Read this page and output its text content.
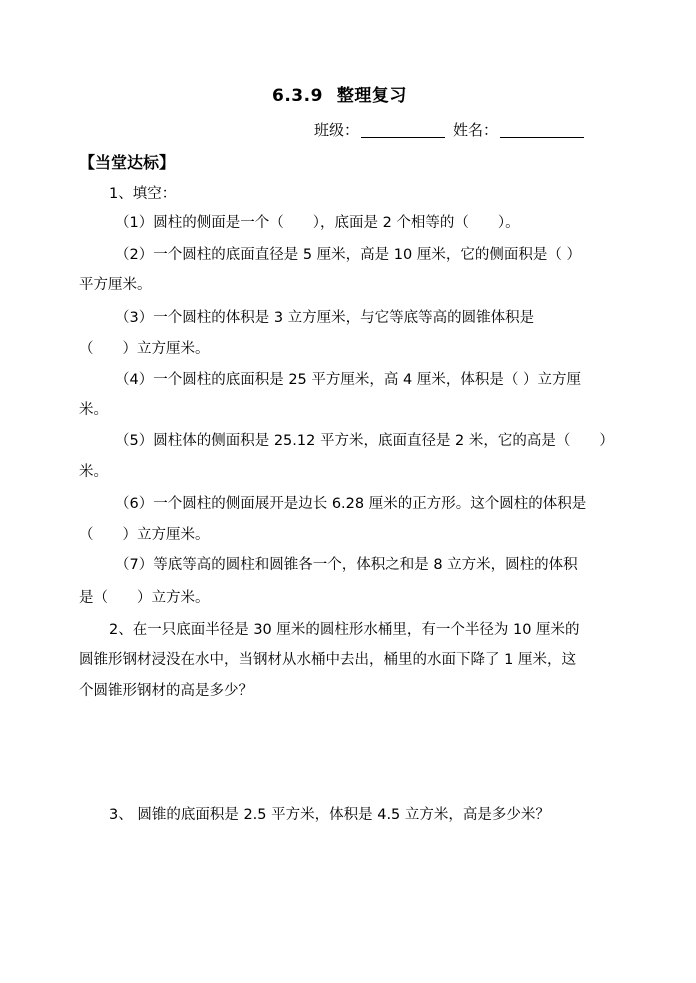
6.3.9 整理复习
班级：	姓名：
【当堂达标】
1、填空：
（1）圆柱的侧面是一个（　　），底面是 2 个相等的（　　）。
（2）一个圆柱的底面直径是 5 厘米，高是 10 厘米，它的侧面积是（ ）
平方厘米。
（3）一个圆柱的体积是 3 立方厘米，与它等底等高的圆锥体积是
（　　）立方厘米。
（4）一个圆柱的底面积是 25 平方厘米，高 4 厘米，体积是（ ）立方厘
米。
（5）圆柱体的侧面积是 25.12 平方米，底面直径是 2 米，它的高是（　　）
米。
（6）一个圆柱的侧面展开是边长 6.28 厘米的正方形。这个圆柱的体积是
（　　）立方厘米。
（7）等底等高的圆柱和圆锥各一个，体积之和是 8 立方米，圆柱的体积
是（　　）立方米。
2、在一只底面半径是 30 厘米的圆柱形水桶里，有一个半径为 10 厘米的
圆锥形钢材浸没在水中，当钢材从水桶中去出，桶里的水面下降了 1 厘米，这
个圆锥形钢材的高是多少？
3、 圆锥的底面积是 2.5 平方米，体积是 4.5 立方米，高是多少米？
